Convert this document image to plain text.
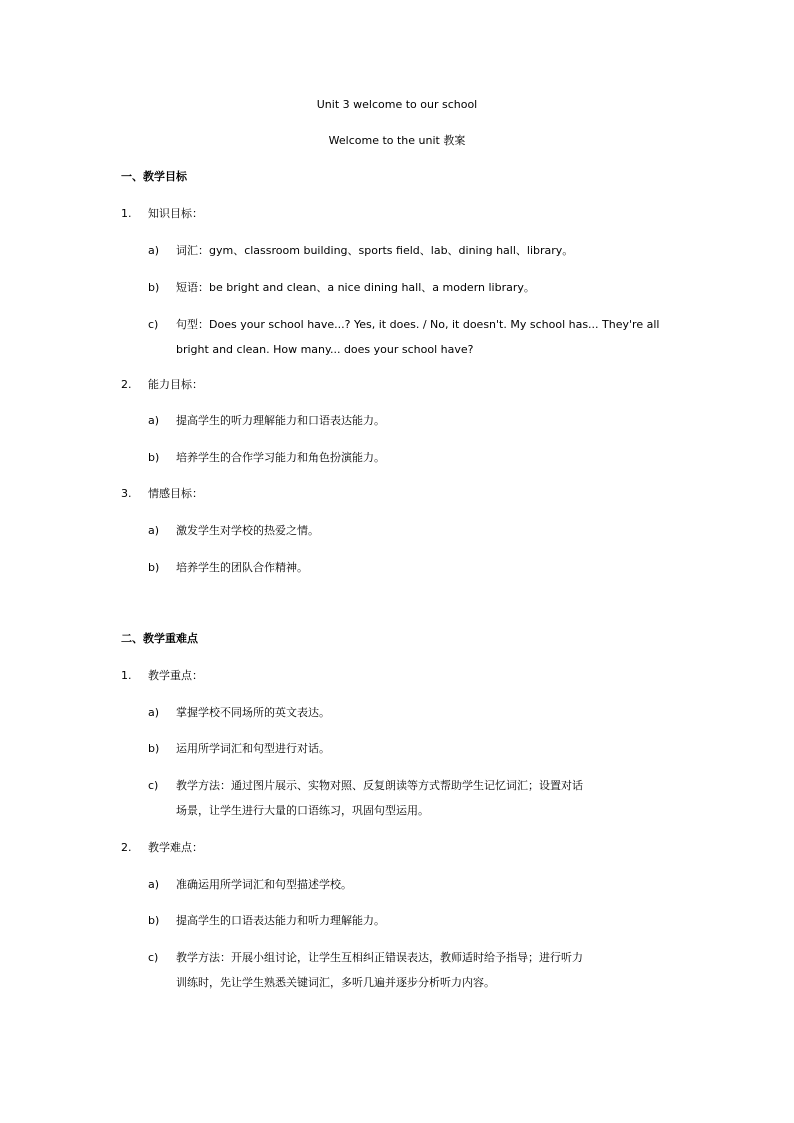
Unit 3 welcome to our school
Welcome to the unit 教案
一、教学目标
1. 知识目标：
a) 词汇：gym、classroom building、sports field、lab、dining hall、library。
b) 短语：be bright and clean、a nice dining hall、a modern library。
c) 句型：Does your school have...? Yes, it does. / No, it doesn't. My school has... They're all
bright and clean. How many... does your school have?
2. 能力目标：
a) 提高学生的听力理解能力和口语表达能力。
b) 培养学生的合作学习能力和角色扮演能力。
3. 情感目标：
a) 激发学生对学校的热爱之情。
b) 培养学生的团队合作精神。
二、教学重难点
1. 教学重点：
a) 掌握学校不同场所的英文表达。
b) 运用所学词汇和句型进行对话。
c) 教学方法：通过图片展示、实物对照、反复朗读等方式帮助学生记忆词汇；设置对话
场景，让学生进行大量的口语练习，巩固句型运用。
2. 教学难点：
a) 准确运用所学词汇和句型描述学校。
b) 提高学生的口语表达能力和听力理解能力。
c) 教学方法：开展小组讨论，让学生互相纠正错误表达，教师适时给予指导；进行听力
训练时，先让学生熟悉关键词汇，多听几遍并逐步分析听力内容。
